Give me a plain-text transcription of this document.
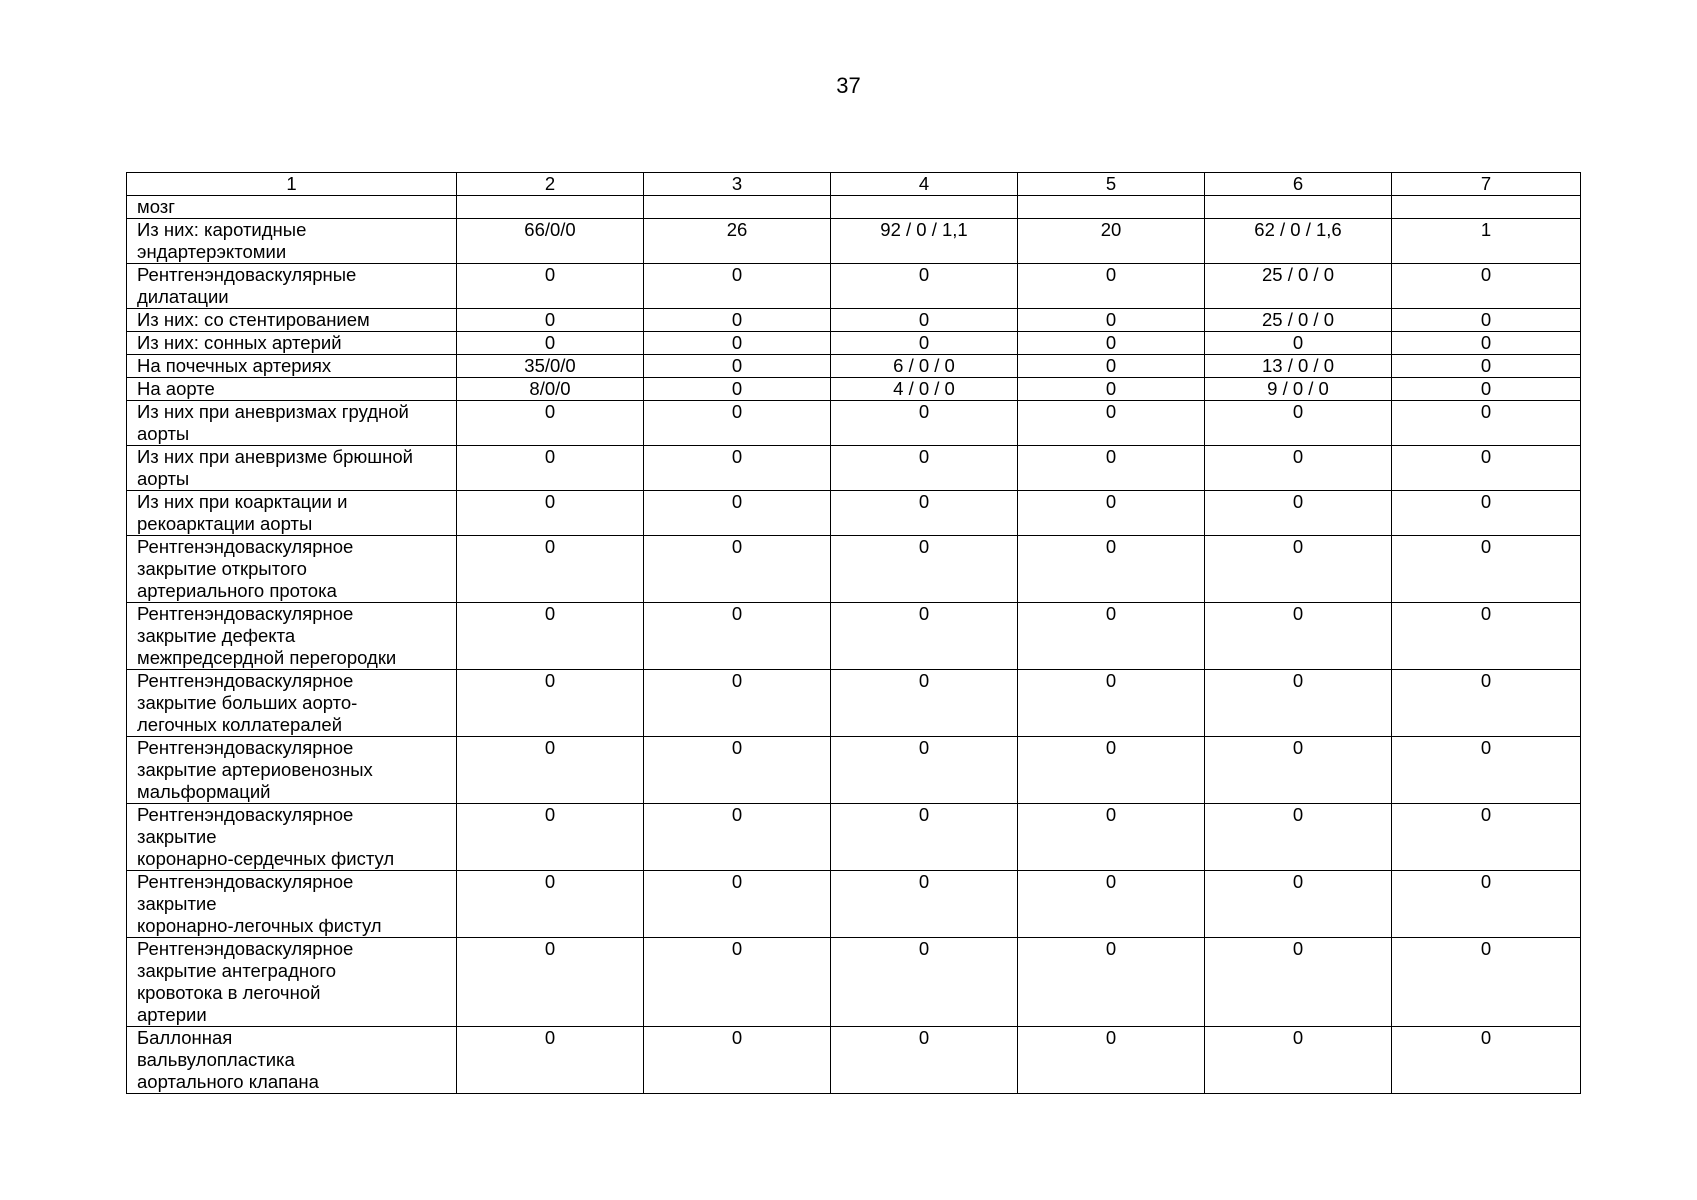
37
1	2	3	4	5	6	7
мозг						
Из них: каротидные
эндартерэктомии	66/0/0	26	92 / 0 / 1,1	20	62 / 0 / 1,6	1
Рентгенэндоваскулярные
дилатации	0	0	0	0	25 / 0 / 0	0
Из них: со стентированием	0	0	0	0	25 / 0 / 0	0
Из них: сонных артерий	0	0	0	0	0	0
На почечных артериях	35/0/0	0	6 / 0 / 0	0	13 / 0 / 0	0
На аорте	8/0/0	0	4 / 0 / 0	0	9 / 0 / 0	0
Из них при аневризмах грудной
аорты	0	0	0	0	0	0
Из них при аневризме брюшной
аорты	0	0	0	0	0	0
Из них при коарктации и
рекоарктации аорты	0	0	0	0	0	0
Рентгенэндоваскулярное
закрытие открытого
артериального протока	0	0	0	0	0	0
Рентгенэндоваскулярное
закрытие дефекта
межпредсердной перегородки	0	0	0	0	0	0
Рентгенэндоваскулярное
закрытие больших аорто-
легочных коллатералей	0	0	0	0	0	0
Рентгенэндоваскулярное
закрытие артериовенозных
мальформаций	0	0	0	0	0	0
Рентгенэндоваскулярное
закрытие
коронарно-сердечных фистул	0	0	0	0	0	0
Рентгенэндоваскулярное
закрытие
коронарно-легочных фистул	0	0	0	0	0	0
Рентгенэндоваскулярное
закрытие антеградного
кровотока в легочной
артерии	0	0	0	0	0	0
Баллонная
вальвулопластика
аортального клапана	0	0	0	0	0	0
